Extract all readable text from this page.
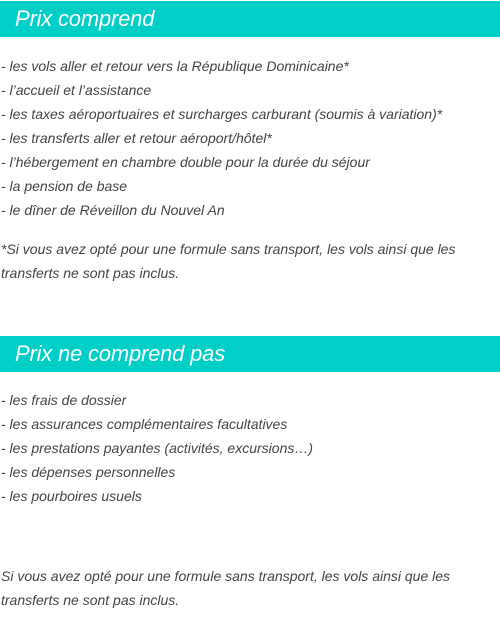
Prix comprend
- les vols aller et retour vers la République Dominicaine*
- l’accueil et l’assistance
- les taxes aéroportuaires et surcharges carburant (soumis à variation)*
- les transferts aller et retour aéroport/hôtel*
- l’hébergement en chambre double pour la durée du séjour
- la pension de base
- le dîner de Réveillon du Nouvel An

*Si vous avez opté pour une formule sans transport, les vols ainsi que les transferts ne sont pas inclus.

Prix ne comprend pas
- les frais de dossier
- les assurances complémentaires facultatives
- les prestations payantes (activités, excursions…)
- les dépenses personnelles
- les pourboires usuels

Si vous avez opté pour une formule sans transport, les vols ainsi que les transferts ne sont pas inclus.
